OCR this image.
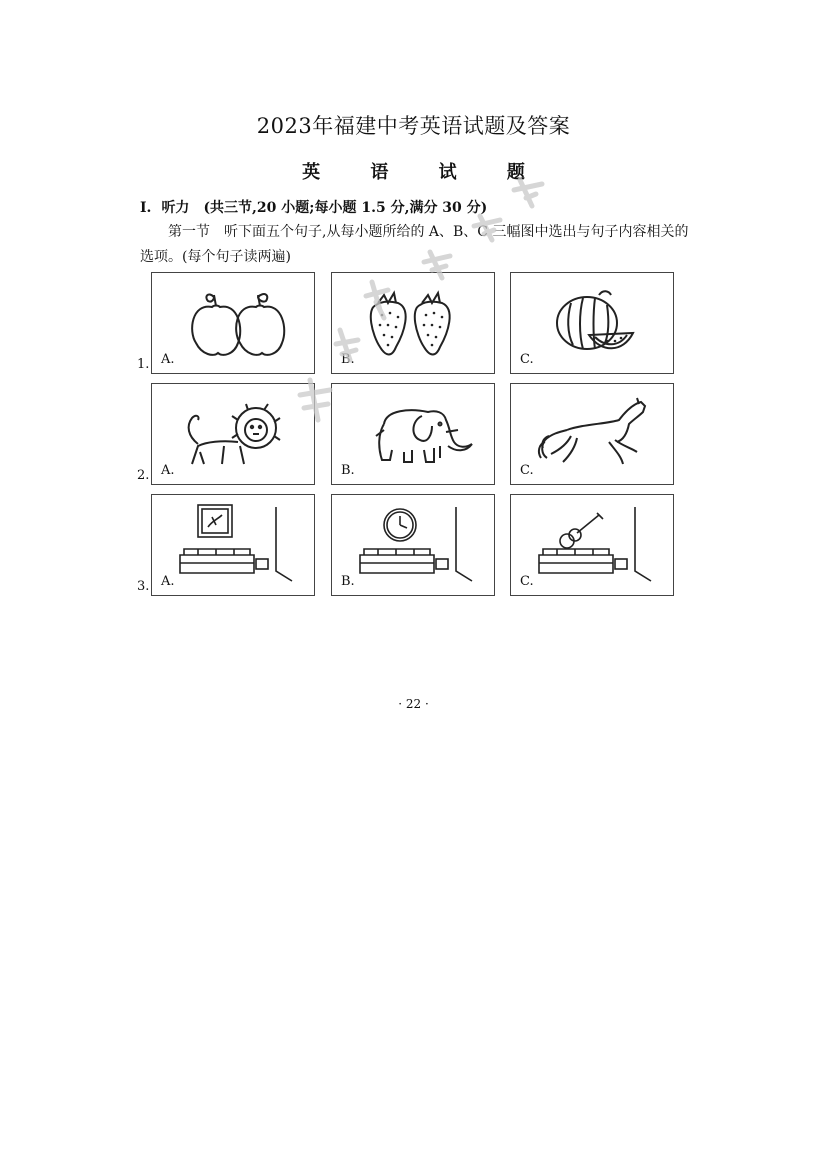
2023年福建中考英语试题及答案
英 语 试 题
I. 听力 (共三节,20 小题;每小题 1.5 分,满分 30 分)
第一节　听下面五个句子,从每小题所给的 A、B、C 三幅图中选出与句子内容相关的选项。(每个句子读两遍)
1. A.	B.	C.
2. A.	B.	C.
3. A.	B.	C.
· 22 ·
